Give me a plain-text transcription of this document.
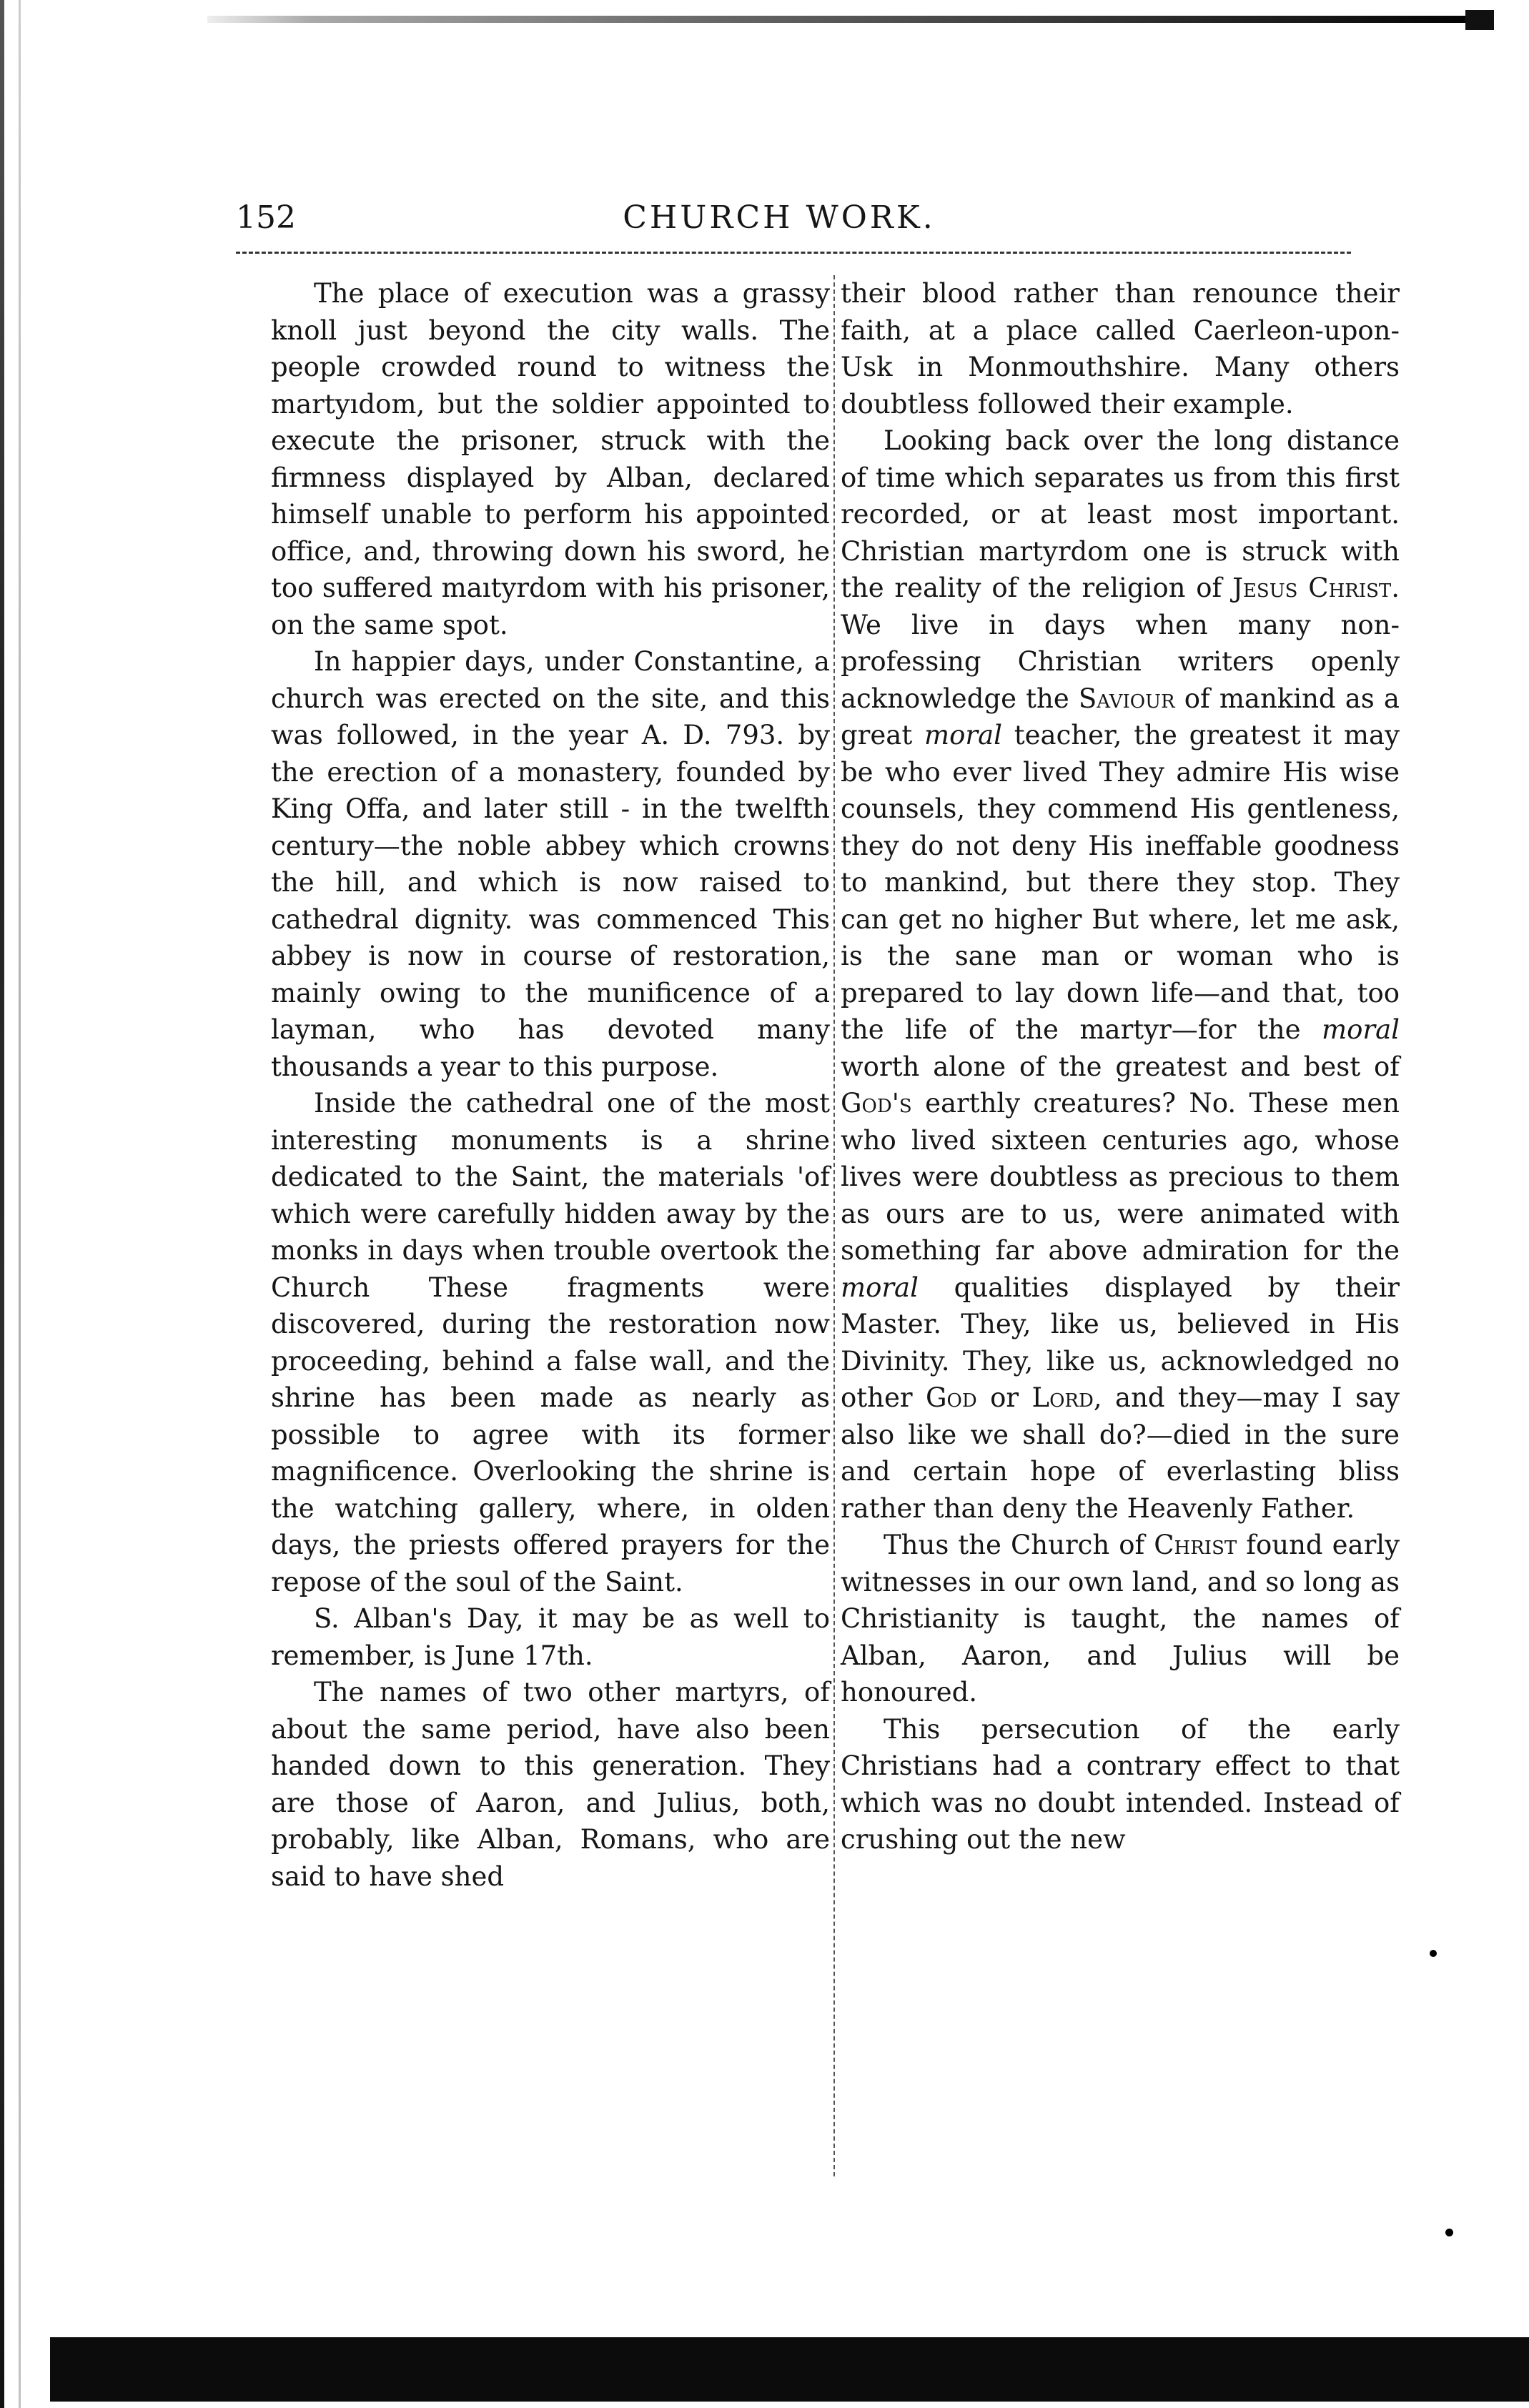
152	CHURCH WORK.

The place of execution was a grassy knoll just beyond the city walls. The people crowded round to witness the martyıdom, but the soldier appointed to execute the prisoner, struck with the firmness displayed by Alban, declared himself unable to perform his appointed office, and, throwing down his sword, he too suffered maıtyrdom with his prisoner, on the same spot.

In happier days, under Constantine, a church was erected on the site, and this was followed, in the year A. D. 793. by the erection of a monastery, founded by King Offa, and later still - in the twelfth century—the noble abbey which crowns the hill, and which is now raised to cathedral dignity. was commenced This abbey is now in course of restoration, mainly owing to the munificence of a layman, who has devoted many thousands a year to this purpose.

Inside the cathedral one of the most interesting monuments is a shrine dedicated to the Saint, the materials 'of which were carefully hidden away by the monks in days when trouble overtook the Church These fragments were discovered, during the restoration now proceeding, behind a false wall, and the shrine has been made as nearly as possible to agree with its former magnificence. Overlooking the shrine is the watching gallery, where, in olden days, the priests offered prayers for the repose of the soul of the Saint.

S. Alban's Day, it may be as well to remember, is June 17th.

The names of two other martyrs, of about the same period, have also been handed down to this generation. They are those of Aaron, and Julius, both, probably, like Alban, Romans, who are said to have shed

their blood rather than renounce their faith, at a place called Caerleon-upon-Usk in Monmouthshire. Many others doubtless followed their example.

Looking back over the long distance of time which separates us from this first recorded, or at least most important. Christian martyrdom one is struck with the reality of the religion of Jesus Christ. We live in days when many non-professing Christian writers openly acknowledge the Saviour of mankind as a great moral teacher, the greatest it may be who ever lived They admire His wise counsels, they commend His gentleness, they do not deny His ineffable goodness to mankind, but there they stop. They can get no higher But where, let me ask, is the sane man or woman who is prepared to lay down life—and that, too the life of the martyr—for the moral worth alone of the greatest and best of God's earthly creatures? No. These men who lived sixteen centuries ago, whose lives were doubtless as precious to them as ours are to us, were animated with something far above admiration for the moral qualities displayed by their Master. They, like us, believed in His Divinity. They, like us, acknowledged no other God or Lord, and they—may I say also like we shall do?—died in the sure and certain hope of everlasting bliss rather than deny the Heavenly Father.

Thus the Church of Christ found early witnesses in our own land, and so long as Christianity is taught, the names of Alban, Aaron, and Julius will be honoured.

This persecution of the early Christians had a contrary effect to that which was no doubt intended. Instead of crushing out the new
